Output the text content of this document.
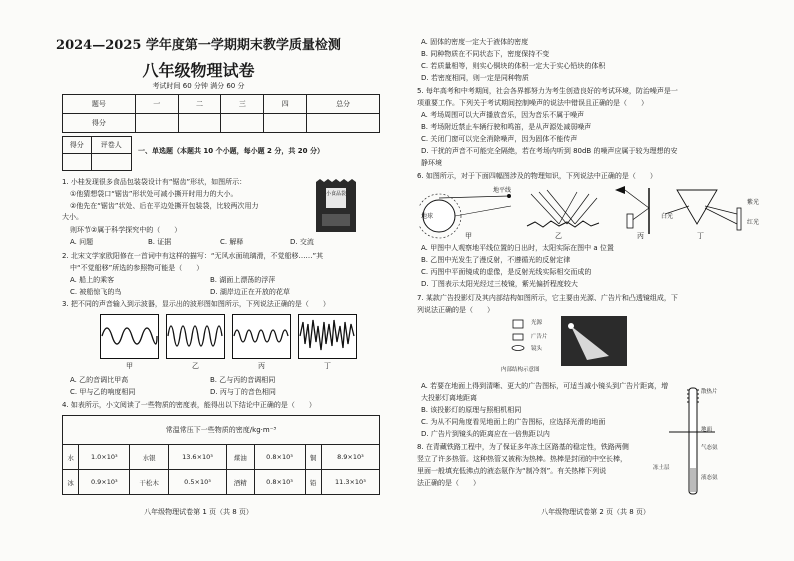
2024—2025 学年度第一学期期末教学质量检测
八年级物理试卷
考试时间 60 分钟 满分 60 分
题号	一	二	三	四	总分
得分					
得分	评卷人

一、单选题（本题共 10 个小题，每小题 2 分，共 20 分）
1. 小桂发现很多食品包装袋设计有“锯齿”形状，如图所示：
①他猜想袋口“锯齿”形状处可减小撕开时用力的大小。
②他先在“锯齿”状处、后在平边处撕开包装袋，比较两次用力
大小。
则环节②属于科学探究中的（　　）
A. 问题	B. 证据	C. 解释	D. 交流
小食品袋
2. 北宋文学家欧阳修在一首词中有这样的描写：“无风水面琉璃滑，不觉船移……”其
中“不觉船移”所选的参照物可能是（　　）
A. 船上的乘客	B. 湖面上漂荡的浮萍
C. 被船惊飞的鸟	D. 湖岸边正在开放的花草
3. 把不同的声音输入到示波器，显示出的波形图如图所示，下列说法正确的是（　　）
甲	乙	丙	丁
A. 乙的音调比甲高	B. 乙与丙的音调相同
C. 甲与乙的响度相同	D. 丙与丁的音色相同
4. 如表所示，小文阅读了一些物质的密度表，能得出以下结论中正确的是（　　）
常温常压下一些物质的密度/kg·m⁻³							
水	1.0×10³	水银	13.6×10³	煤油	0.8×10³	铜	8.9×10³
冰	0.9×10³	干松木	0.5×10³	酒精	0.8×10³	铅	11.3×10³
八年级物理试卷第 1 页（共 8 页）
A. 固体的密度一定大于液体的密度
B. 同种物质在不同状态下，密度保持不变
C. 若质量相等，则实心铜块的体积一定大于实心铅块的体积
D. 若密度相同，则一定是同种物质
5. 每年高考和中考期间，社会各界都努力为考生创造良好的考试环境，防治噪声是一
项重要工作。下列关于考试期间控制噪声的说法中错误且正确的是（　　）
A. 考场周围可以大声播放音乐，因为音乐不属于噪声
B. 考场附近禁止车辆行驶和鸣笛，是从声源处减弱噪声
C. 关闭门窗可以完全消除噪声，因为固体不能传声
D. 干扰的声音不可能完全隔绝，若在考场内听到 80dB 的噪声应属于较为理想的安
静环境
6. 如图所示，对于下面四幅图涉及的物理知识，下列说法中正确的是（　　）
地球
地平线
甲	乙	丙	丁
白光
紫光
红光
A. 甲图中人观察地平线位置的日出时，太阳实际在图中 a 位置
B. 乙图中光发生了漫反射，不遵循光的反射定律
C. 丙图中平面镜成的虚像，是反射光线实际相交而成的
D. 丁图表示太阳光经过三棱镜，紫光偏折程度较大
7. 某款广告投影灯及其内部结构如图所示，它主要由光源、广告片和凸透镜组成，下
列说法正确的是（　　）
光源
广告片
镜头
内部结构示意图
A. 若要在地面上得到清晰、更大的广告图标，可适当减小镜头到广告片距离，增
大投影灯离地距离
B. 该投影灯的原理与照相机相同
C. 为从不同角度看见地面上的广告图标，应选择光滑的地面
D. 广告片到镜头的距离应在一倍焦距以内
8. 在青藏铁路工程中，为了保证多年冻土区路基的稳定性，铁路两侧
竖立了许多热管。这种热管又被称为热棒。热棒是封闭的中空长棒，
里面一般填充低沸点的液态氨作为“制冷剂”。有关热棒下列说
法正确的是（　　）
散热片
地面
气态氨
液态氨
冻土层
八年级物理试卷第 2 页（共 8 页）
